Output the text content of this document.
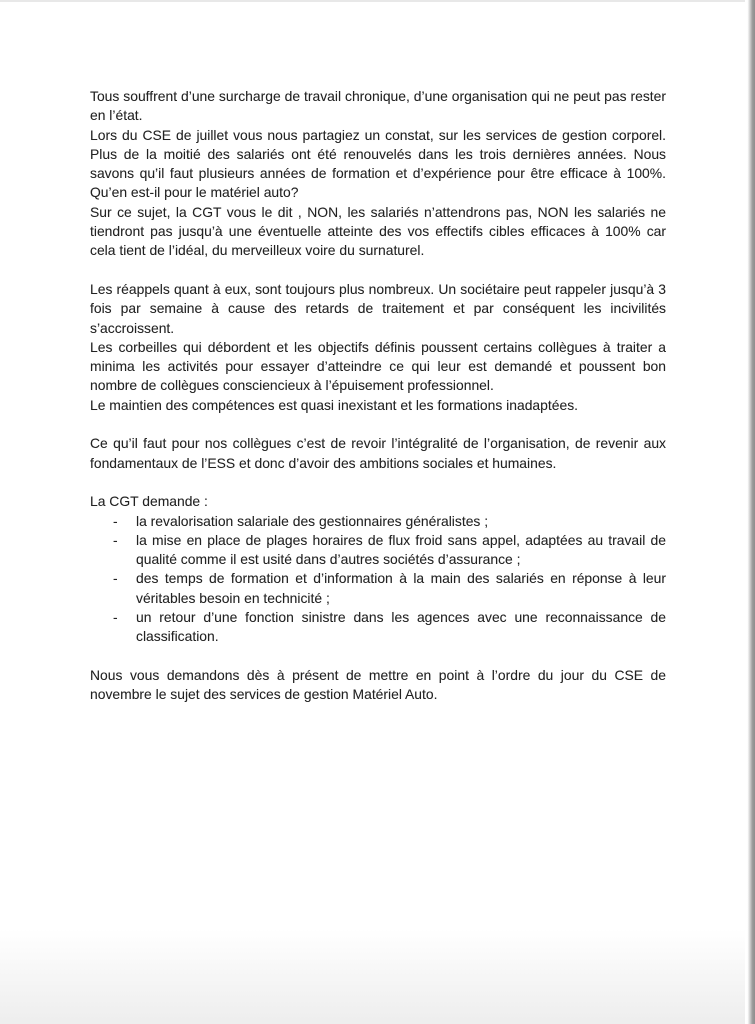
Tous souffrent d’une surcharge de travail chronique, d’une organisation qui ne peut pas rester en l’état.

Lors du CSE de juillet vous nous partagiez un constat, sur les services de gestion corporel. Plus de la moitié des salariés ont été renouvelés dans les trois dernières années. Nous savons qu’il faut plusieurs années de formation et d’expérience pour être efficace à 100%. Qu’en est-il pour le matériel auto?

Sur ce sujet, la CGT vous le dit , NON, les salariés n’attendrons pas, NON les salariés ne tiendront pas jusqu’à une éventuelle atteinte des vos effectifs cibles efficaces à 100% car cela tient de l’idéal, du merveilleux voire du surnaturel.

Les réappels quant à eux, sont toujours plus nombreux. Un sociétaire peut rappeler jusqu’à 3 fois par semaine à cause des retards de traitement et par conséquent les incivilités s’accroissent.

Les corbeilles qui débordent et les objectifs définis poussent certains collègues à traiter a minima les activités pour essayer d’atteindre ce qui leur est demandé et poussent bon nombre de collègues consciencieux à l’épuisement professionnel.

Le maintien des compétences est quasi inexistant et les formations inadaptées.

Ce qu’il faut pour nos collègues c’est de revoir l’intégralité de l’organisation, de revenir aux fondamentaux de l’ESS et donc d’avoir des ambitions sociales et humaines.

La CGT demande :

- la revalorisation salariale des gestionnaires généralistes ;
- la mise en place de plages horaires de flux froid sans appel, adaptées au travail de qualité comme il est usité dans d’autres sociétés d’assurance ;
- des temps de formation et d’information à la main des salariés en réponse à leur véritables besoin en technicité ;
- un retour d’une fonction sinistre dans les agences avec une reconnaissance de classification.

Nous vous demandons dès à présent de mettre en point à l’ordre du jour du CSE de novembre le sujet des services de gestion Matériel Auto.
